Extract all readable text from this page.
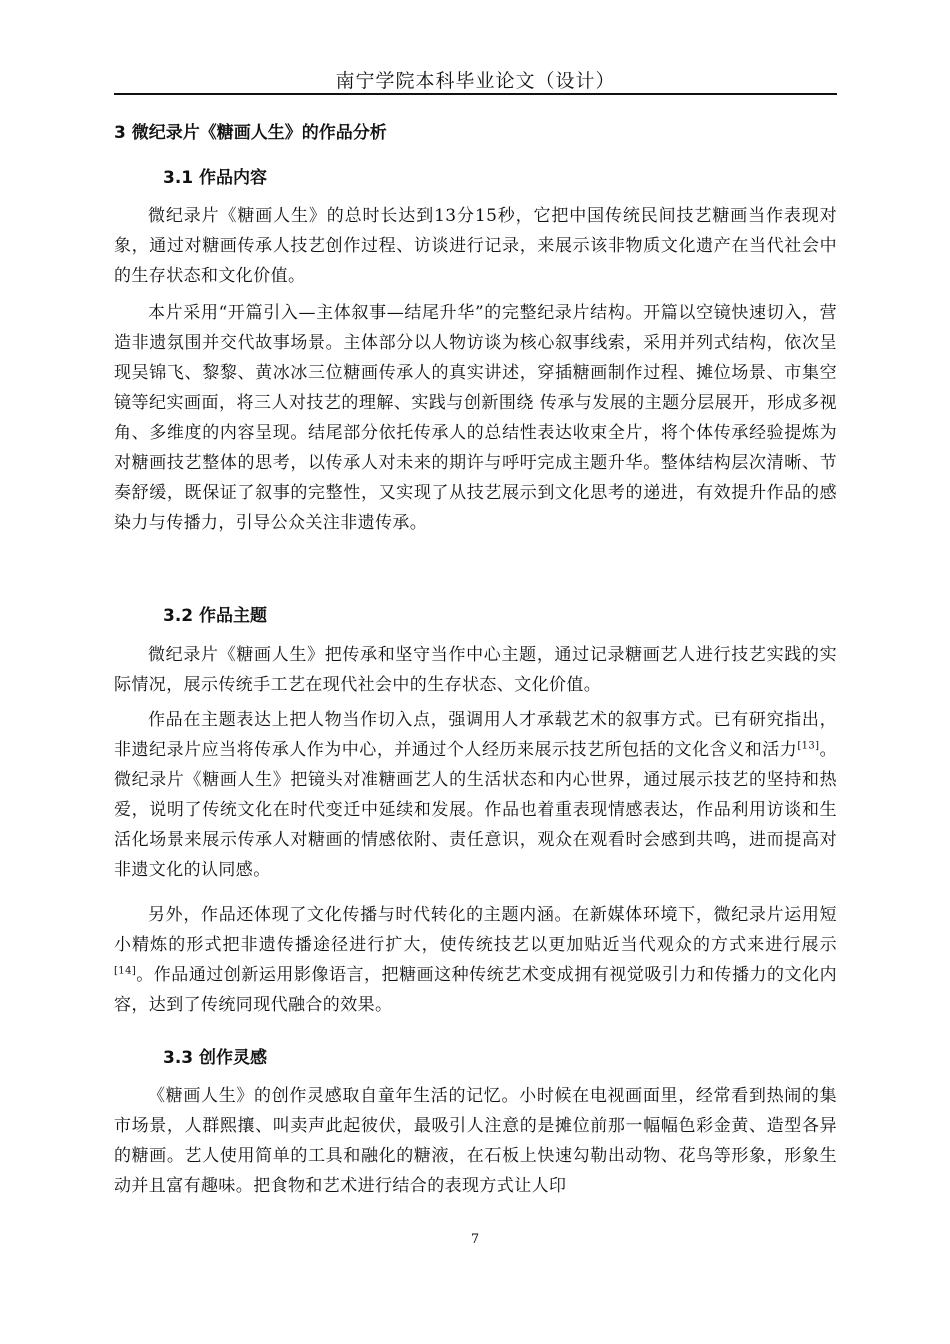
南宁学院本科毕业论文（设计）
3 微纪录片《糖画人生》的作品分析
3.1 作品内容

微纪录片《糖画人生》的总时长达到13分15秒，它把中国传统民间技艺糖画当作表现对象，通过对糖画传承人技艺创作过程、访谈进行记录，来展示该非物质文化遗产在当代社会中的生存状态和文化价值。

本片采用“开篇引入—主体叙事—结尾升华”的完整纪录片结构。开篇以空镜快速切入，营造非遗氛围并交代故事场景。主体部分以人物访谈为核心叙事线索，采用并列式结构，依次呈现吴锦飞、黎黎、黄冰冰三位糖画传承人的真实讲述，穿插糖画制作过程、摊位场景、市集空镜等纪实画面，将三人对技艺的理解、实践与创新围绕 传承与发展的主题分层展开，形成多视角、多维度的内容呈现。结尾部分依托传承人的总结性表达收束全片，将个体传承经验提炼为对糖画技艺整体的思考，以传承人对未来的期许与呼吁完成主题升华。整体结构层次清晰、节奏舒缓，既保证了叙事的完整性，又实现了从技艺展示到文化思考的递进，有效提升作品的感染力与传播力，引导公众关注非遗传承。

3.2 作品主题

微纪录片《糖画人生》把传承和坚守当作中心主题，通过记录糖画艺人进行技艺实践的实际情况，展示传统手工艺在现代社会中的生存状态、文化价值。

作品在主题表达上把人物当作切入点，强调用人才承载艺术的叙事方式。已有研究指出，非遗纪录片应当将传承人作为中心，并通过个人经历来展示技艺所包括的文化含义和活力[13]。微纪录片《糖画人生》把镜头对准糖画艺人的生活状态和内心世界，通过展示技艺的坚持和热爱，说明了传统文化在时代变迁中延续和发展。作品也着重表现情感表达，作品利用访谈和生活化场景来展示传承人对糖画的情感依附、责任意识，观众在观看时会感到共鸣，进而提高对非遗文化的认同感。

另外，作品还体现了文化传播与时代转化的主题内涵。在新媒体环境下，微纪录片运用短小精炼的形式把非遗传播途径进行扩大，使传统技艺以更加贴近当代观众的方式来进行展示[14]。作品通过创新运用影像语言，把糖画这种传统艺术变成拥有视觉吸引力和传播力的文化内容，达到了传统同现代融合的效果。

3.3 创作灵感

《糖画人生》的创作灵感取自童年生活的记忆。小时候在电视画面里，经常看到热闹的集市场景，人群熙攘、叫卖声此起彼伏，最吸引人注意的是摊位前那一幅幅色彩金黄、造型各异的糖画。艺人使用简单的工具和融化的糖液，在石板上快速勾勒出动物、花鸟等形象，形象生动并且富有趣味。把食物和艺术进行结合的表现方式让人印

7
